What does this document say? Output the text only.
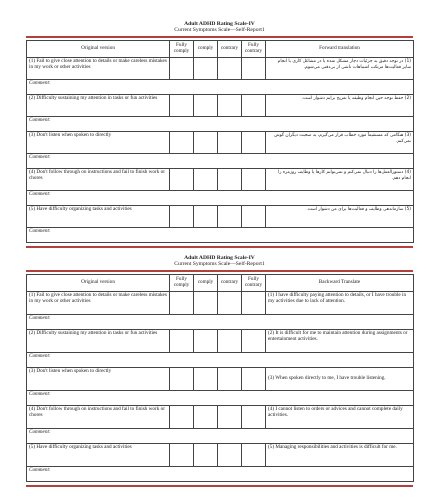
Adult ADHD Rating Scale-IV
Current Symptoms Scale—Self-Report1
Original version	Fully comply	comply	contrary	Fully contrary	Forward translation
(1) Fail to give close attention to details or make careless mistakes in my work or other activities					(1) در توجه دقیق به جزئیات دچار مشکل شده یا در مشاغل کاری یا انجام سایر فعالیت‌ها مرتکب اشتباهات ناشی از بی‌دقتی می‌شوم.
Comment:					
(2) Difficulty sustaining my attention in tasks or fun activities					(2) حفظ توجه حین انجام وظیفه یا تفریح برایم دشوار است.
Comment:					
(3) Don't listen when spoken to directly					(3) هنگامی که مستقیماً مورد خطاب قرار می‌گیرم، به صحبت دیگران گوش نمی‌کنم.
Comment:					
(4) Don't follow through on instructions and fail to finish work or chores					(4) دستورالعمل‌ها را دنبال نمی‌کنم و نمی‌توانم کارها یا وظایف روزمره را انجام دهم.
Comment:					
(5) Have difficulty organizing tasks and activities					(5) سازماندهی وظایف و فعالیت‌ها برای من دشوار است.
Comment:					
Adult ADHD Rating Scale-IV
Current Symptoms Scale—Self-Report1
Original version	Fully comply	comply	contrary	Fully contrary	Backward Translate
(1) Fail to give close attention to details or make careless mistakes in my work or other activities					(1) I have difficulty paying attention to details, or I have trouble in my activities due to lack of attention.
Comment:					
(2) Difficulty sustaining my attention in tasks or fun activities					(2) It is difficult for me to maintain attention during assignments or entertainment activities.
Comment:					
(3) Don't listen when spoken to directly					(3) When spoken directly to me, I have trouble listening.
Comment:					
(4) Don't follow through on instructions and fail to finish work or chores					(4) I cannot listen to orders or advices and cannot complete daily activities.
Comment:					
(5) Have difficulty organizing tasks and activities					(5) Managing responsibilities and activities is difficult for me.
Comment:					
